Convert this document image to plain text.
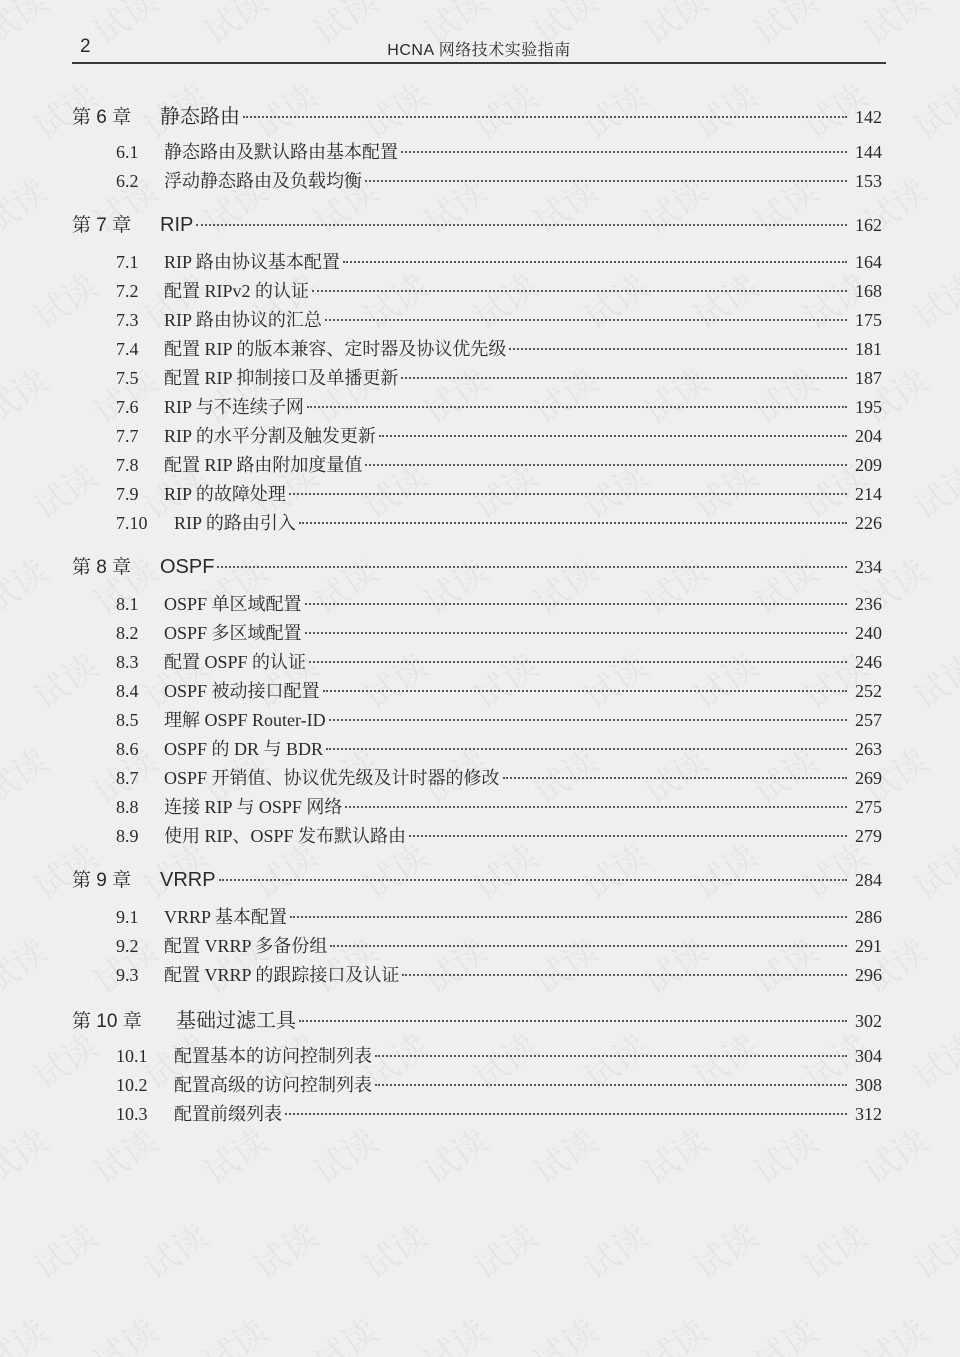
2	HCNA 网络技术实验指南
第 6 章	静态路由	142
6.1	静态路由及默认路由基本配置	144
6.2	浮动静态路由及负载均衡	153
第 7 章	RIP	162
7.1	RIP 路由协议基本配置	164
7.2	配置 RIPv2 的认证	168
7.3	RIP 路由协议的汇总	175
7.4	配置 RIP 的版本兼容、定时器及协议优先级	181
7.5	配置 RIP 抑制接口及单播更新	187
7.6	RIP 与不连续子网	195
7.7	RIP 的水平分割及触发更新	204
7.8	配置 RIP 路由附加度量值	209
7.9	RIP 的故障处理	214
7.10	RIP 的路由引入	226
第 8 章	OSPF	234
8.1	OSPF 单区域配置	236
8.2	OSPF 多区域配置	240
8.3	配置 OSPF 的认证	246
8.4	OSPF 被动接口配置	252
8.5	理解 OSPF Router-ID	257
8.6	OSPF 的 DR 与 BDR	263
8.7	OSPF 开销值、协议优先级及计时器的修改	269
8.8	连接 RIP 与 OSPF 网络	275
8.9	使用 RIP、OSPF 发布默认路由	279
第 9 章	VRRP	284
9.1	VRRP 基本配置	286
9.2	配置 VRRP 多备份组	291
9.3	配置 VRRP 的跟踪接口及认证	296
第 10 章	基础过滤工具	302
10.1	配置基本的访问控制列表	304
10.2	配置高级的访问控制列表	308
10.3	配置前缀列表	312
